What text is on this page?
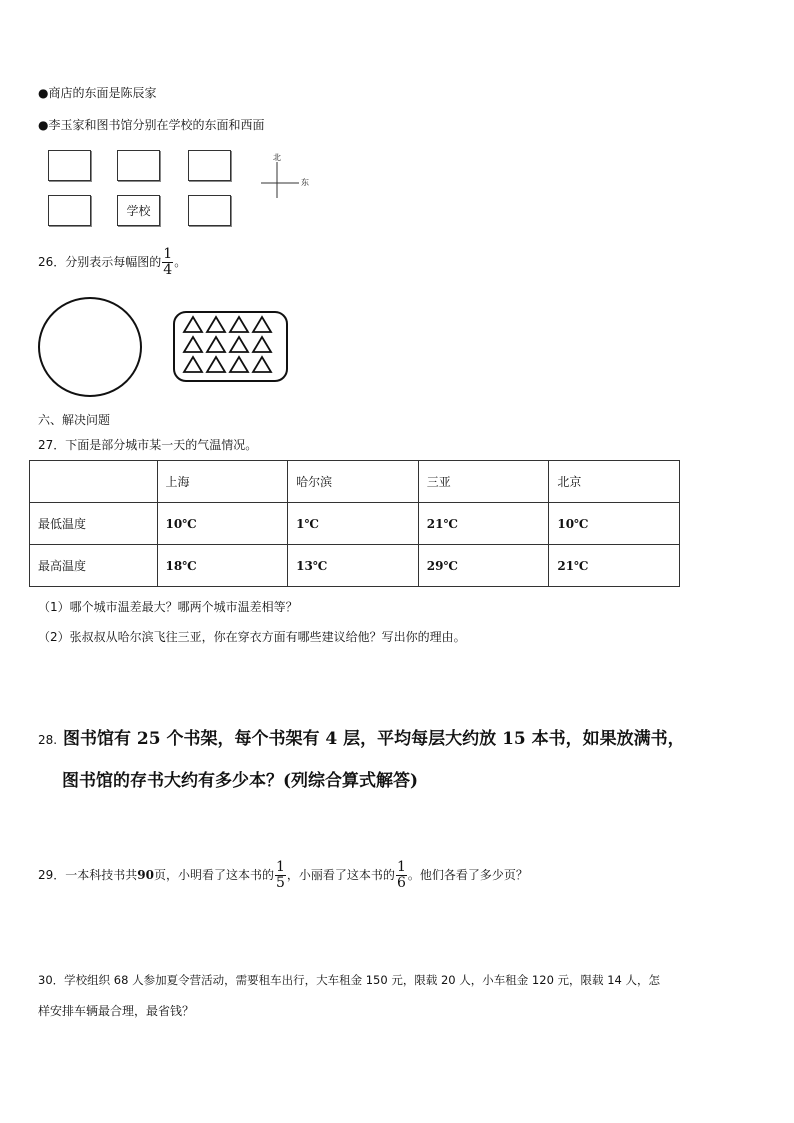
●商店的东面是陈辰家
●李玉家和图书馆分别在学校的东面和西面
学校
北
东
26．分别表示每幅图的 $\frac{1}{4}$ 。
六、解决问题
27．下面是部分城市某一天的气温情况。
	上海	哈尔滨	三亚	北京
最低温度	10℃	1℃	21℃	10℃
最高温度	18℃	13℃	29℃	21℃
（1）哪个城市温差最大？哪两个城市温差相等？
（2）张叔叔从哈尔滨飞往三亚，你在穿衣方面有哪些建议给他？写出你的理由。
28. 图书馆有 25 个书架，每个书架有 4 层，平均每层大约放 15 本书，如果放满书，
图书馆的存书大约有多少本？(列综合算式解答)
29．一本科技书共90页，小明看了这本书的 $\frac{1}{5}$ ，小丽看了这本书的 $\frac{1}{6}$ 。他们各看了多少页？
30．学校组织 68 人参加夏令营活动，需要租车出行，大车租金 150 元，限载 20 人，小车租金 120 元，限载 14 人，怎
样安排车辆最合理，最省钱？
